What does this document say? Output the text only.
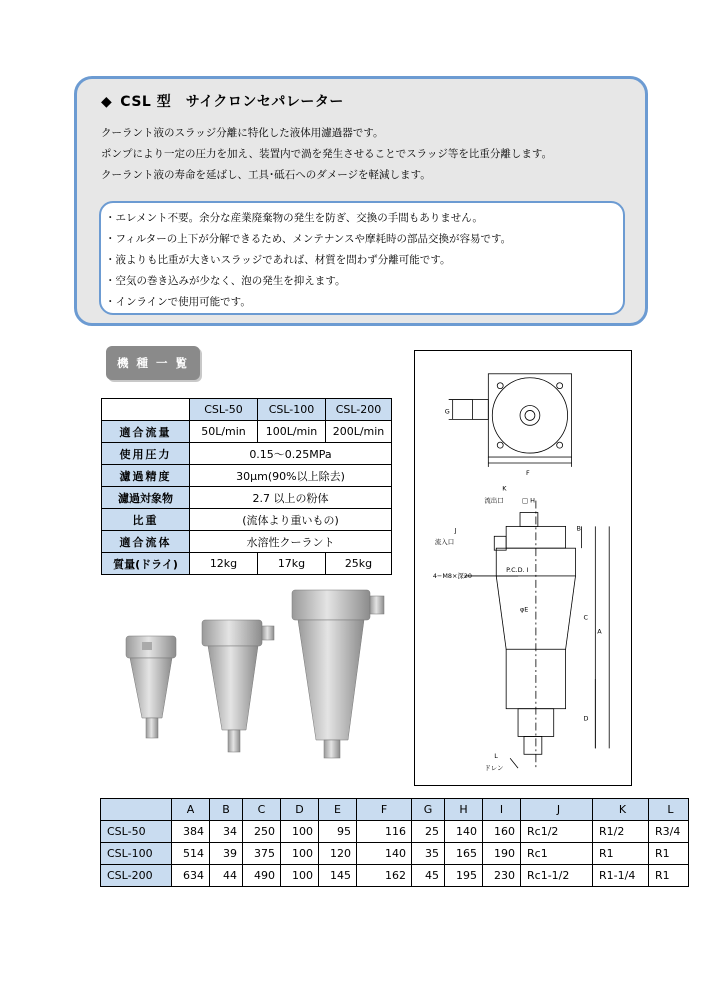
◆ CSL 型　サイクロンセパレーター
クーラント液のスラッジ分離に特化した液体用濾過器です。
ポンプにより一定の圧力を加え、装置内で渦を発生させることでスラッジ等を比重分離します。
クーラント液の寿命を延ばし、工具･砥石へのダメージを軽減します。
・エレメント不要。余分な産業廃棄物の発生を防ぎ、交換の手間もありません。
・フィルターの上下が分解できるため、メンテナンスや摩耗時の部品交換が容易です。
・液よりも比重が大きいスラッジであれば、材質を問わず分離可能です。
・空気の巻き込みが少なく、泡の発生を抑えます。
・インラインで使用可能です。
機 種 一 覧
	CSL-50	CSL-100	CSL-200
適合流量	50L/min	100L/min	200L/min
使用圧力	0.15～0.25MPa		
濾過精度	30μm(90%以上除去)		
濾過対象物	2.7 以上の粉体		
比重	(流体より重いもの)		
適合流体	水溶性クーラント		
質量(ドライ)	12kg	17kg	25kg
G
F
K
流出口	□ H
B
J
流入口
4−M8×深20
P.C.D. I
φE
C
A
D
L
ドレン
	A	B	C	D	E	F	G	H	I	J	K	L
CSL-50	384	34	250	100	95	116	25	140	160	Rc1/2	R1/2	R3/4
CSL-100	514	39	375	100	120	140	35	165	190	Rc1	R1	R1
CSL-200	634	44	490	100	145	162	45	195	230	Rc1-1/2	R1-1/4	R1
